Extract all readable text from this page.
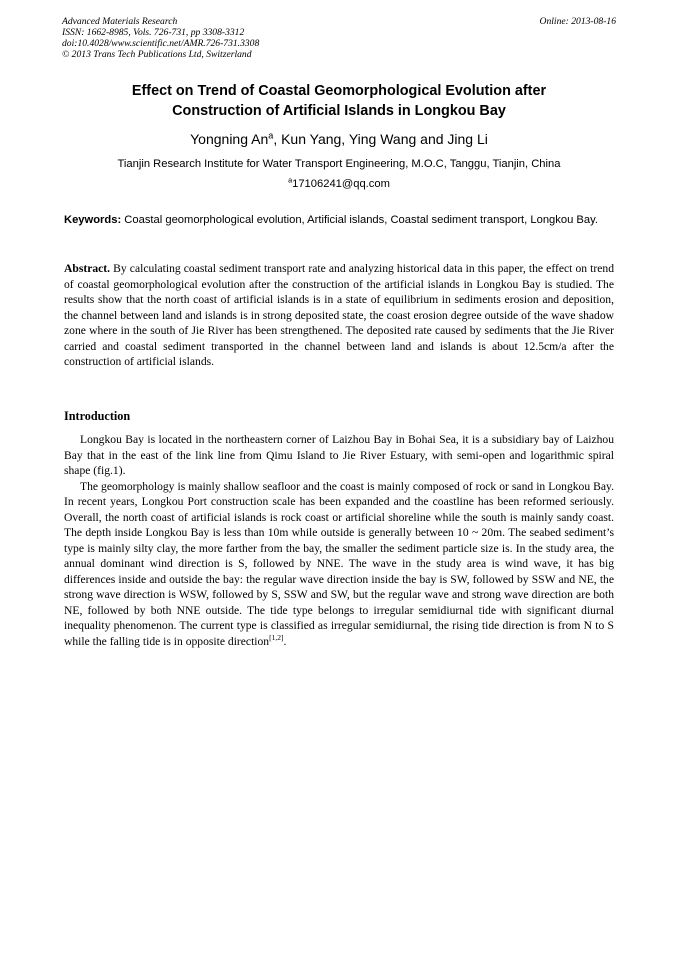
Advanced Materials Research
ISSN: 1662-8985, Vols. 726-731, pp 3308-3312
doi:10.4028/www.scientific.net/AMR.726-731.3308
© 2013 Trans Tech Publications Ltd, Switzerland
Online: 2013-08-16
Effect on Trend of Coastal Geomorphological Evolution after
Construction of Artificial Islands in Longkou Bay
Yongning An$^a$, Kun Yang, Ying Wang and Jing Li
Tianjin Research Institute for Water Transport Engineering, M.O.C, Tanggu, Tianjin, China
$^a$17106241@qq.com
Keywords: Coastal geomorphological evolution, Artificial islands, Coastal sediment transport, Longkou Bay.
Abstract. By calculating coastal sediment transport rate and analyzing historical data in this paper, the effect on trend of coastal geomorphological evolution after the construction of the artificial islands in Longkou Bay is studied. The results show that the north coast of artificial islands is in a state of equilibrium in sediments erosion and deposition, the channel between land and islands is in strong deposited state, the coast erosion degree outside of the wave shadow zone where in the south of Jie River has been strengthened. The deposited rate caused by sediments that the Jie River carried and coastal sediment transported in the channel between land and islands is about 12.5cm/a after the construction of artificial islands.
Introduction

Longkou Bay is located in the northeastern corner of Laizhou Bay in Bohai Sea, it is a subsidiary bay of Laizhou Bay that in the east of the link line from Qimu Island to Jie River Estuary, with semi-open and logarithmic spiral shape (fig.1).

The geomorphology is mainly shallow seafloor and the coast is mainly composed of rock or sand in Longkou Bay. In recent years, Longkou Port construction scale has been expanded and the coastline has been reformed seriously. Overall, the north coast of artificial islands is rock coast or artificial shoreline while the south is mainly sandy coast. The depth inside Longkou Bay is less than 10m while outside is generally between 10 ~ 20m. The seabed sediment’s type is mainly silty clay, the more farther from the bay, the smaller the sediment particle size is. In the study area, the annual dominant wind direction is S, followed by NNE. The wave in the study area is wind wave, it has big differences inside and outside the bay: the regular wave direction inside the bay is SW, followed by SSW and NE, the strong wave direction is WSW, followed by S, SSW and SW, but the regular wave and strong wave direction are both NE, followed by both NNE outside. The tide type belongs to irregular semidiurnal tide with significant diurnal inequality phenomenon. The current type is classified as irregular semidiurnal, the rising tide direction is from N to S while the falling tide is in opposite direction[1,2].
